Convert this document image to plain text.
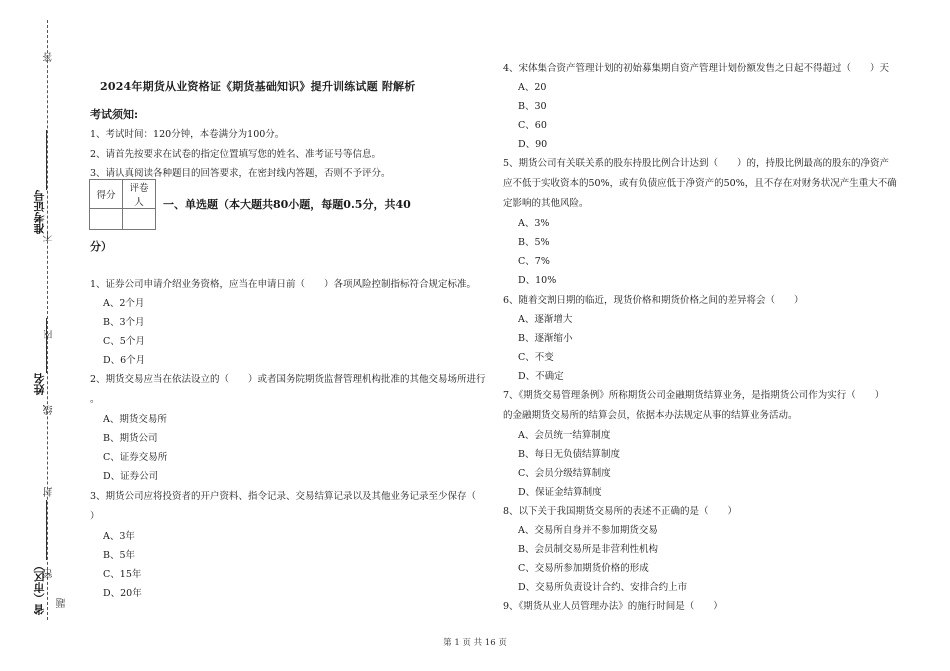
答
不
内
线
封
密
题
准考证号
姓名
省（市区）
2024年期货从业资格证《期货基础知识》提升训练试题 附解析
考试须知:
1、考试时间：120分钟，本卷满分为100分。
2、请首先按要求在试卷的指定位置填写您的姓名、准考证号等信息。
3、请认真阅读各种题目的回答要求，在密封线内答题，否则不予评分。
得分	评卷人
	一、单选题（本大题共80小题，每题0.5分，共40
分）
1、证券公司申请介绍业务资格，应当在申请日前（　　）各项风险控制指标符合规定标准。
A、2个月
B、3个月
C、5个月
D、6个月
2、期货交易应当在依法设立的（　　）或者国务院期货监督管理机构批准的其他交易场所进行
。
A、期货交易所
B、期货公司
C、证券交易所
D、证券公司
3、期货公司应将投资者的开户资料、指令记录、交易结算记录以及其他业务记录至少保存（
）
A、3年
B、5年
C、15年
D、20年
4、宋体集合资产管理计划的初始募集期自资产管理计划份额发售之日起不得超过（　　）天
A、20
B、30
C、60
D、90
5、期货公司有关联关系的股东持股比例合计达到（　　）的，持股比例最高的股东的净资产
应不低于实收资本的50%，或有负债应低于净资产的50%，且不存在对财务状况产生重大不确
定影响的其他风险。
A、3%
B、5%
C、7%
D、10%
6、随着交割日期的临近，现货价格和期货价格之间的差异将会（　　）
A、逐渐增大
B、逐渐缩小
C、不变
D、不确定
7、《期货交易管理条例》所称期货公司金融期货结算业务，是指期货公司作为实行（　　）
的金融期货交易所的结算会员，依据本办法规定从事的结算业务活动。
A、会员统一结算制度
B、每日无负债结算制度
C、会员分级结算制度
D、保证金结算制度
8、以下关于我国期货交易所的表述不正确的是（　　）
A、交易所自身并不参加期货交易
B、会员制交易所是非营利性机构
C、交易所参加期货价格的形成
D、交易所负责设计合约、安排合约上市
9、《期货从业人员管理办法》的施行时间是（　　）
第 1 页 共 16 页
